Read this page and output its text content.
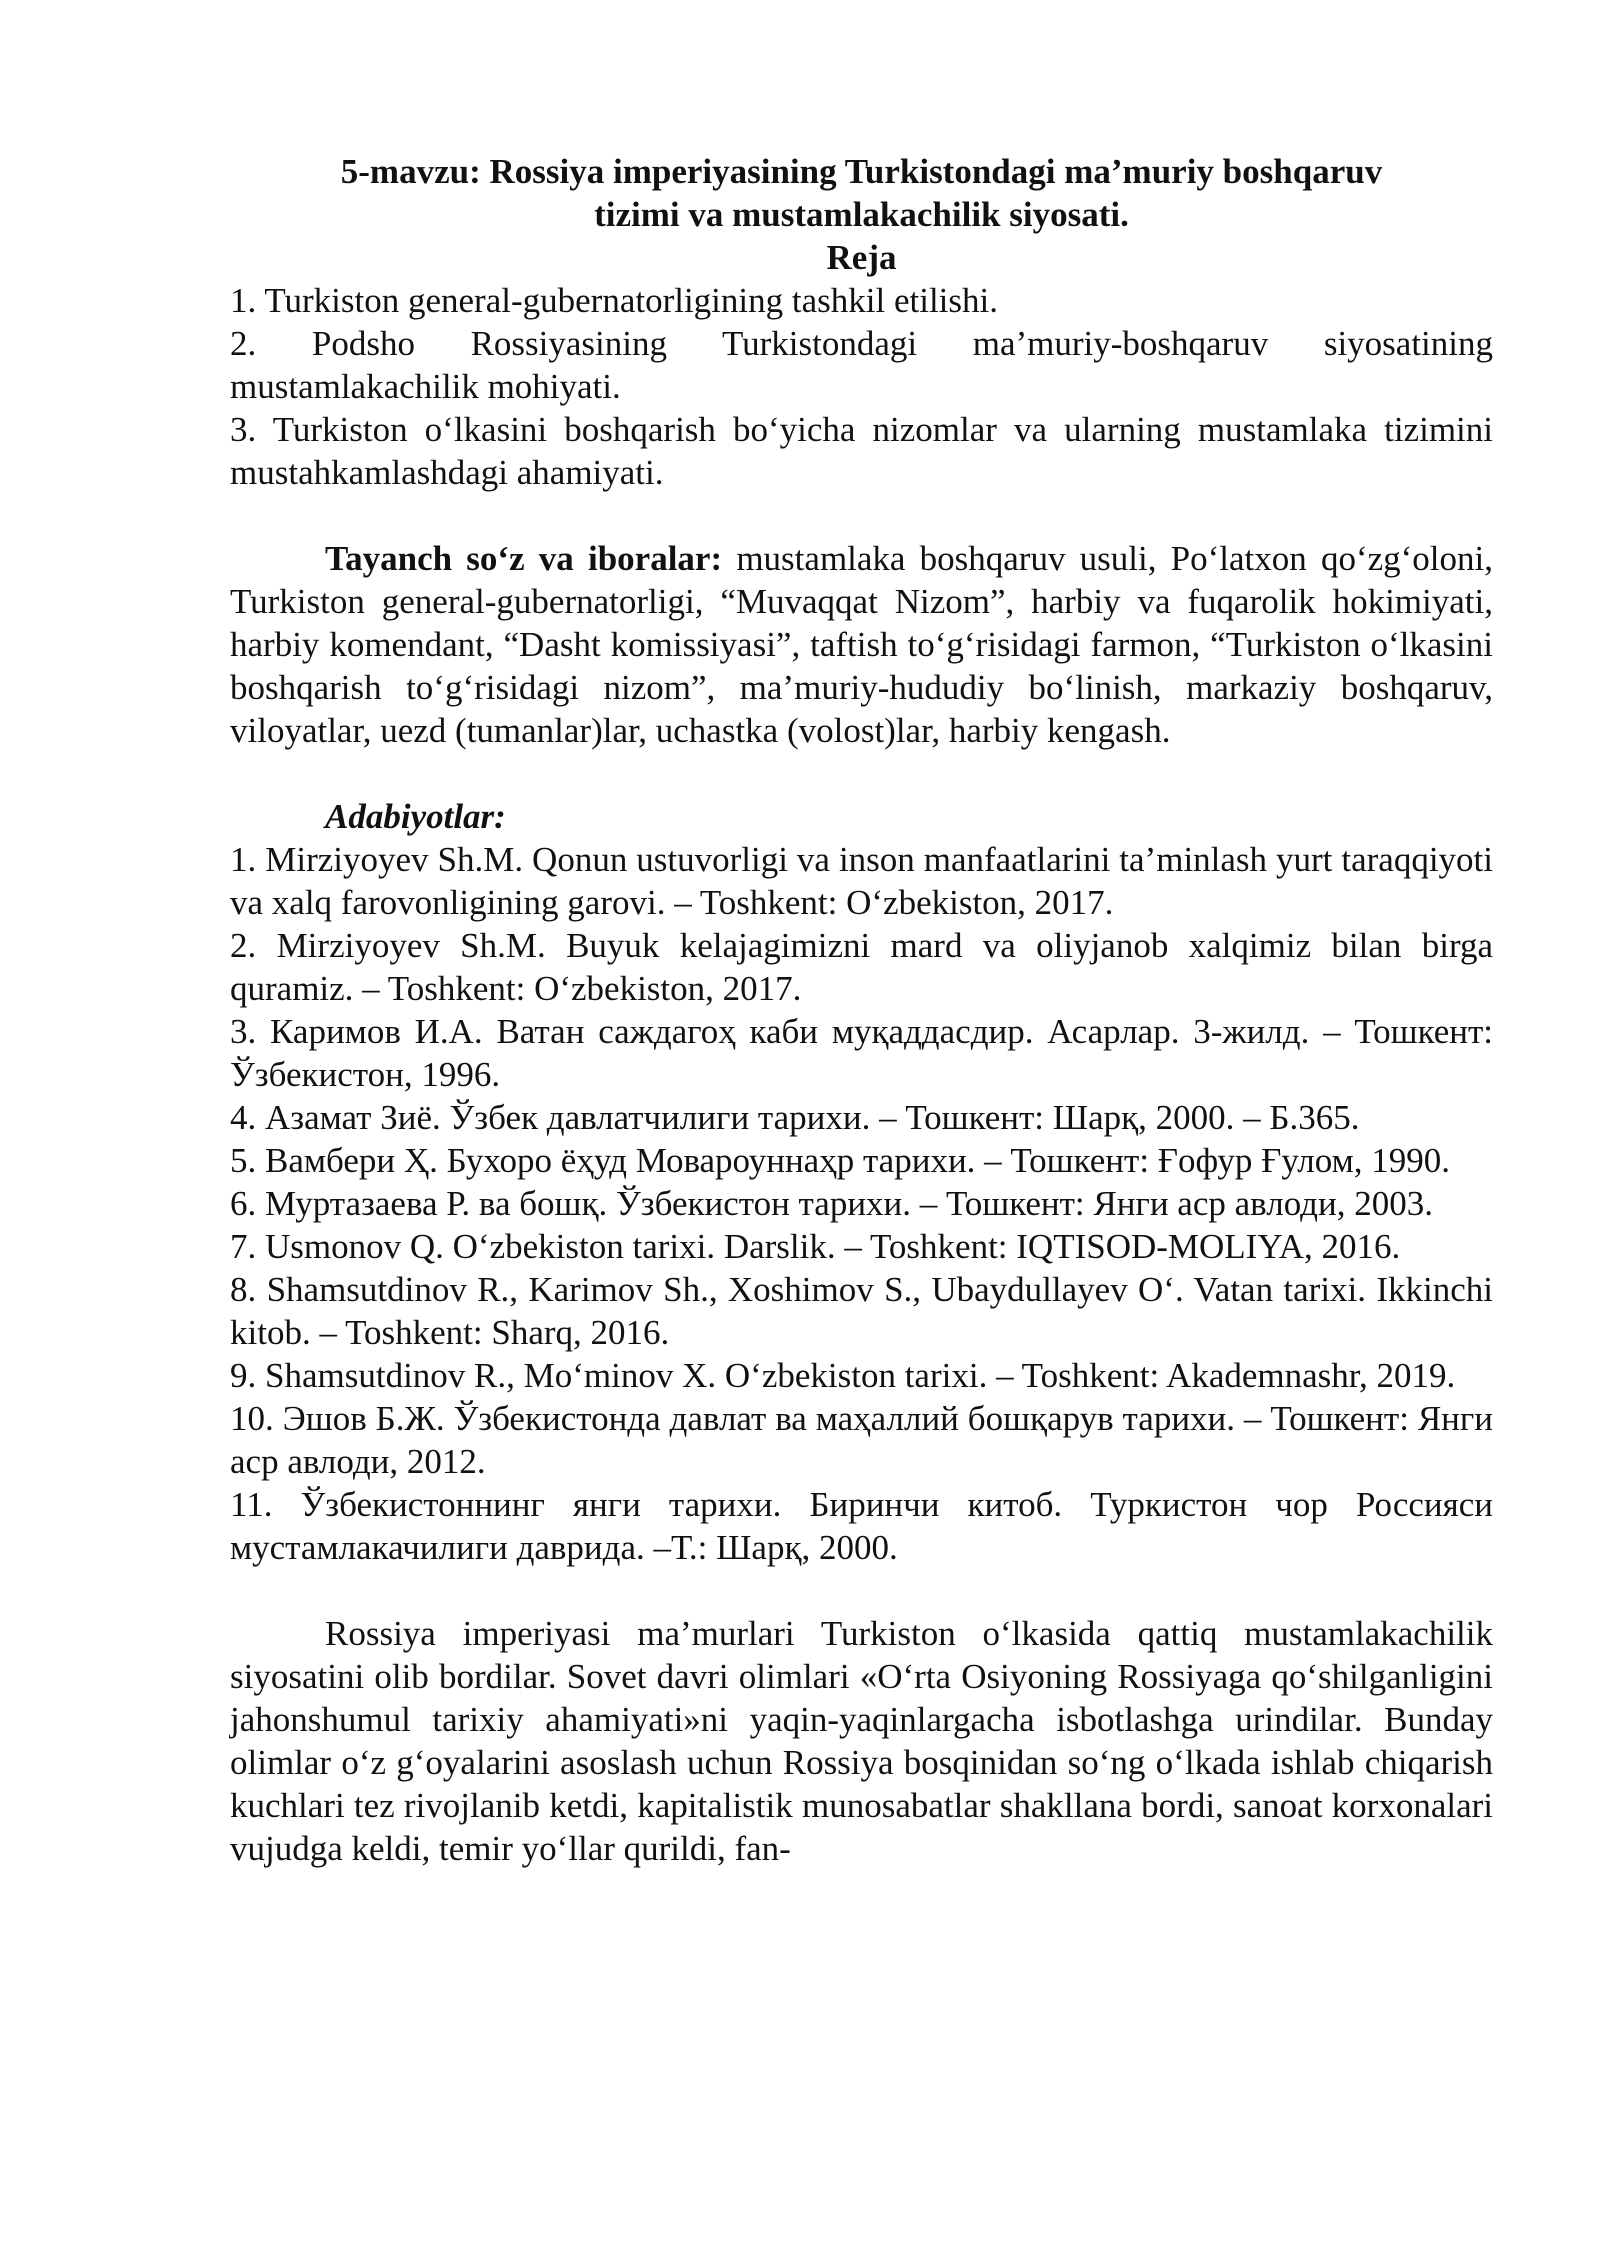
5-mavzu: Rossiya imperiyasining Turkistondagi ma’muriy boshqaruv

tizimi va mustamlakachilik siyosati.

Reja

1. Turkiston general-gubernatorligining tashkil etilishi.

2. Podsho Rossiyasining Turkistondagi ma’muriy-boshqaruv siyosatining mustamlakachilik mohiyati.

3. Turkiston o‘lkasini boshqarish bo‘yicha nizomlar va ularning mustamlaka tizimini mustahkamlashdagi ahamiyati.

Tayanch so‘z va iboralar: mustamlaka boshqaruv usuli, Po‘latxon qo‘zg‘oloni, Turkiston general-gubernatorligi, “Muvaqqat Nizom”, harbiy va fuqarolik hokimiyati, harbiy komendant, “Dasht komissiyasi”, taftish to‘g‘risidagi farmon, “Turkiston o‘lkasini boshqarish to‘g‘risidagi nizom”, ma’muriy-hududiy bo‘linish, markaziy boshqaruv, viloyatlar, uezd (tumanlar)lar, uchastka (volost)lar, harbiy kengash.

Adabiyotlar:

1. Mirziyoyev Sh.M. Qonun ustuvorligi va inson manfaatlarini ta’minlash yurt taraqqiyoti va xalq farovonligining garovi. – Toshkent: O‘zbekiston, 2017.

2. Mirziyoyev Sh.M. Buyuk kelajagimizni mard va oliyjanob xalqimiz bilan birga quramiz. – Toshkent: O‘zbekiston, 2017.

3. Каримов И.А. Ватан саждагоҳ каби муқаддасдир. Асарлар. 3-жилд. – Тошкент: Ўзбекистон, 1996.

4. Азамат Зиё. Ўзбек давлатчилиги тарихи. – Тошкент: Шарқ, 2000. – Б.365.

5. Вамбери Ҳ. Бухоро ёҳуд Мовароуннаҳр тарихи. – Тошкент: Ғофур Ғулом, 1990.

6. Муртазаева Р. ва бошқ. Ўзбекистон тарихи. – Тошкент: Янги аср авлоди, 2003.

7. Usmonov Q. O‘zbekiston tarixi. Darslik. – Toshkent: IQTISOD-MOLIYA, 2016.

8. Shamsutdinov R., Karimov Sh., Xoshimov S., Ubaydullayev O‘. Vatan tarixi. Ikkinchi kitob. – Toshkent: Sharq, 2016.

9. Shamsutdinov R., Mo‘minov X. O‘zbekiston tarixi. – Toshkent: Akademnashr, 2019.

10. Эшов Б.Ж. Ўзбекистонда давлат ва маҳаллий бошқарув тарихи. – Тошкент: Янги аср авлоди, 2012.

11. Ўзбекистоннинг янги тарихи. Биринчи китоб. Туркистон чор Россияси мустамлакачилиги даврида. –Т.: Шарқ, 2000.

Rossiya imperiyasi ma’murlari Turkiston o‘lkasida qattiq mustamlakachilik siyosatini olib bordilar. Sovet davri olimlari «O‘rta Osiyoning Rossiyaga qo‘shilganligini jahonshumul tarixiy ahamiyati»ni yaqin-yaqinlargacha isbotlashga urindilar. Bunday olimlar o‘z g‘oyalarini asoslash uchun Rossiya bosqinidan so‘ng o‘lkada ishlab chiqarish kuchlari tez rivojlanib ketdi, kapitalistik munosabatlar shakllana bordi, sanoat korxonalari vujudga keldi, temir yo‘llar qurildi, fan-
